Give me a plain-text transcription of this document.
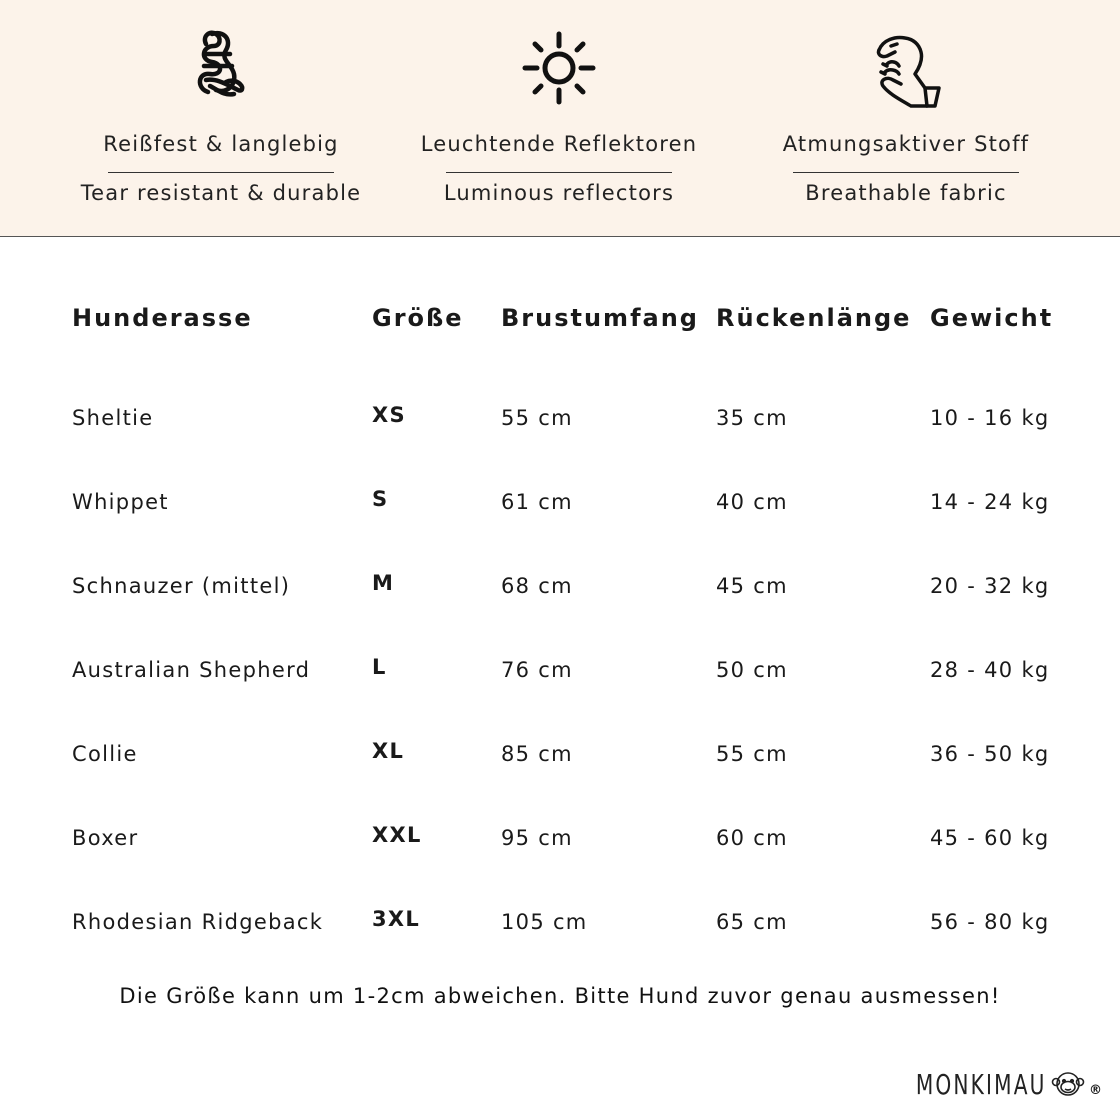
Reißfest & langlebig
Tear resistant & durable
Leuchtende Reflektoren
Luminous reflectors
Atmungsaktiver Stoff
Breathable fabric
Hunderasse	Größe	Brustumfang	Rückenlänge	Gewicht
Sheltie	XS	55 cm	35 cm	10 - 16 kg
Whippet	S	61 cm	40 cm	14 - 24 kg
Schnauzer (mittel)	M	68 cm	45 cm	20 - 32 kg
Australian Shepherd	L	76 cm	50 cm	28 - 40 kg
Collie	XL	85 cm	55 cm	36 - 50 kg
Boxer	XXL	95 cm	60 cm	45 - 60 kg
Rhodesian Ridgeback	3XL	105 cm	65 cm	56 - 80 kg
Die Größe kann um 1-2cm abweichen. Bitte Hund zuvor genau ausmessen!
MONKIMAU	®
